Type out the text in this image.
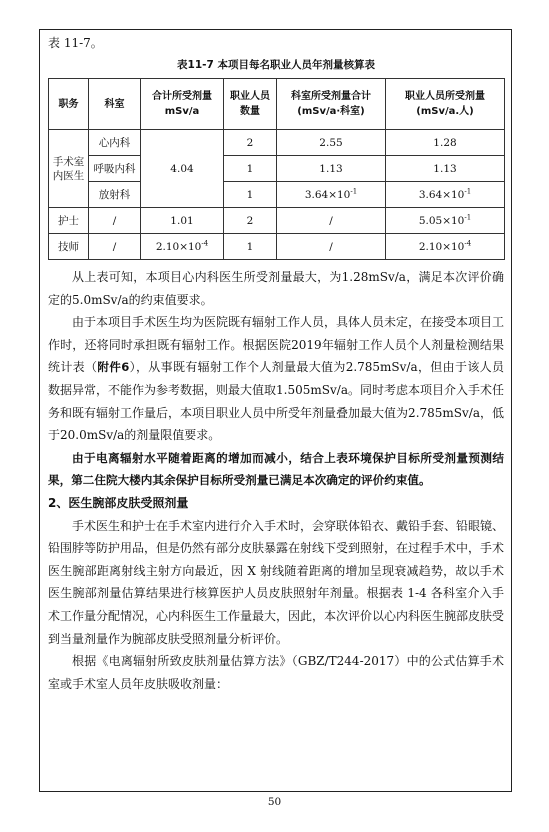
表 11-7。

表11-7 本项目每名职业人员年剂量核算表
职务	科室	合计所受剂量 mSv/a	职业人员数量	科室所受剂量合计 (mSv/a·科室)	职业人员所受剂量 (mSv/a.人)
手术室内医生	心内科	4.04	2	2.55	1.28
	呼吸内科		1	1.13	1.13
	放射科		1	$3.64\times 10^{-1}$	$3.64\times 10^{-1}$
护士	/	1.01	2	/	$5.05\times 10^{-1}$
技师	/	$2.10\times 10^{-4}$	1	/	$2.10\times 10^{-4}$

从上表可知，本项目心内科医生所受剂量最大，为1.28mSv/a，满足本次评价确定的5.0mSv/a的约束值要求。

由于本项目手术医生均为医院既有辐射工作人员，具体人员未定，在接受本项目工作时，还将同时承担既有辐射工作。根据医院2019年辐射工作人员个人剂量检测结果统计表（附件6），从事既有辐射工作个人剂量最大值为2.785mSv/a，但由于该人员数据异常，不能作为参考数据，则最大值取1.505mSv/a。同时考虑本项目介入手术任务和既有辐射工作量后，本项目职业人员中所受年剂量叠加最大值为2.785mSv/a，低于20.0mSv/a的剂量限值要求。

由于电离辐射水平随着距离的增加而减小，结合上表环境保护目标所受剂量预测结果，第二住院大楼内其余保护目标所受剂量已满足本次确定的评价约束值。

2、医生腕部皮肤受照剂量

手术医生和护士在手术室内进行介入手术时，会穿联体铅衣、戴铅手套、铅眼镜、铅围脖等防护用品，但是仍然有部分皮肤暴露在射线下受到照射，在过程手术中，手术医生腕部距离射线主射方向最近，因 X 射线随着距离的增加呈现衰减趋势，故以手术医生腕部剂量估算结果进行核算医护人员皮肤照射年剂量。根据表 1-4 各科室介入手术工作量分配情况，心内科医生工作量最大，因此，本次评价以心内科医生腕部皮肤受到当量剂量作为腕部皮肤受照剂量分析评价。

根据《电离辐射所致皮肤剂量估算方法》（GBZ/T244-2017）中的公式估算手术室或手术室人员年皮肤吸收剂量：

50
